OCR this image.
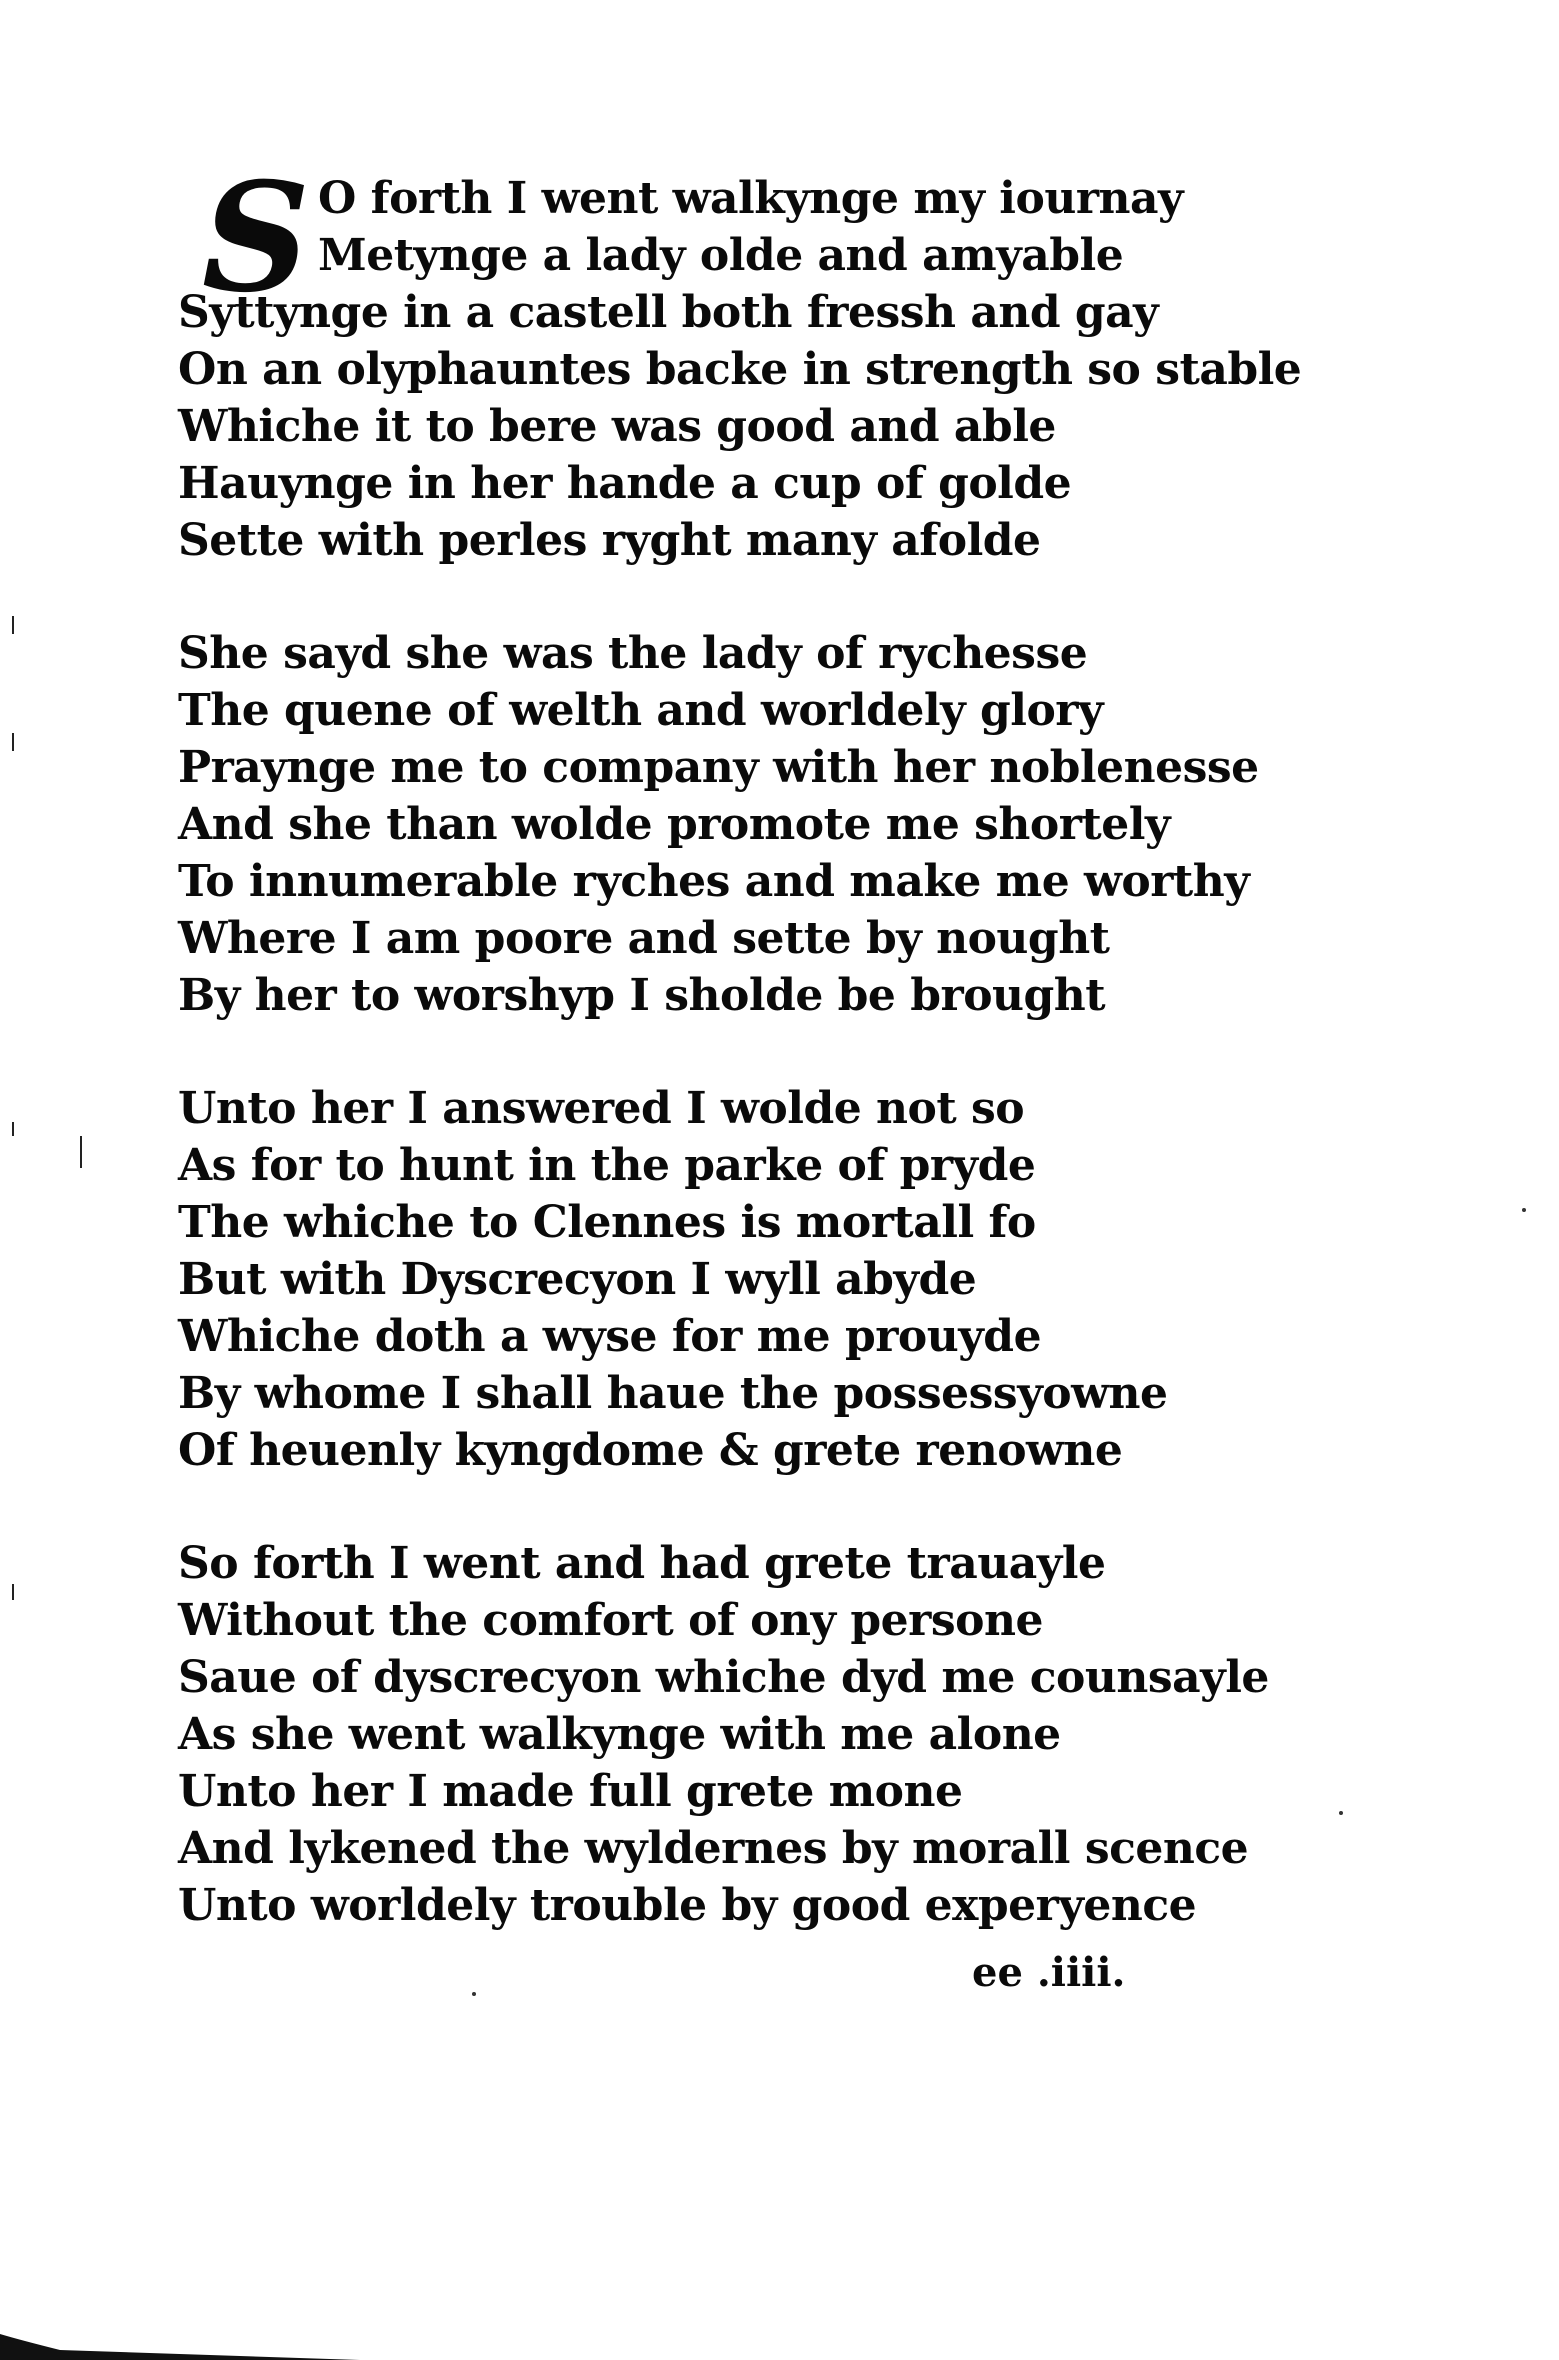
S O forth I went walkynge my iournay
Metynge a lady olde and amyable
Syttynge in a castell both fressh and gay
On an olyphauntes backe in strength so stable
Whiche it to bere was good and able
Hauynge in her hande a cup of golde
Sette with perles ryght many afolde
She sayd she was the lady of rychesse
The quene of welth and worldely glory
Praynge me to company with her noblenesse
And she than wolde promote me shortely
To innumerable ryches and make me worthy
Where I am poore and sette by nought
By her to worshyp I sholde be brought
Unto her I answered I wolde not so
As for to hunt in the parke of pryde
The whiche to Clennes is mortall fo
But with Dyscrecyon I wyll abyde
Whiche doth a wyse for me prouyde
By whome I shall haue the possessyowne
Of heuenly kyngdome & grete renowne
So forth I went and had grete trauayle
Without the comfort of ony persone
Saue of dyscrecyon whiche dyd me counsayle
As she went walkynge with me alone
Unto her I made full grete mone
And lykened the wyldernes by morall scence
Unto worldely trouble by good experyence
ee .iiii.
